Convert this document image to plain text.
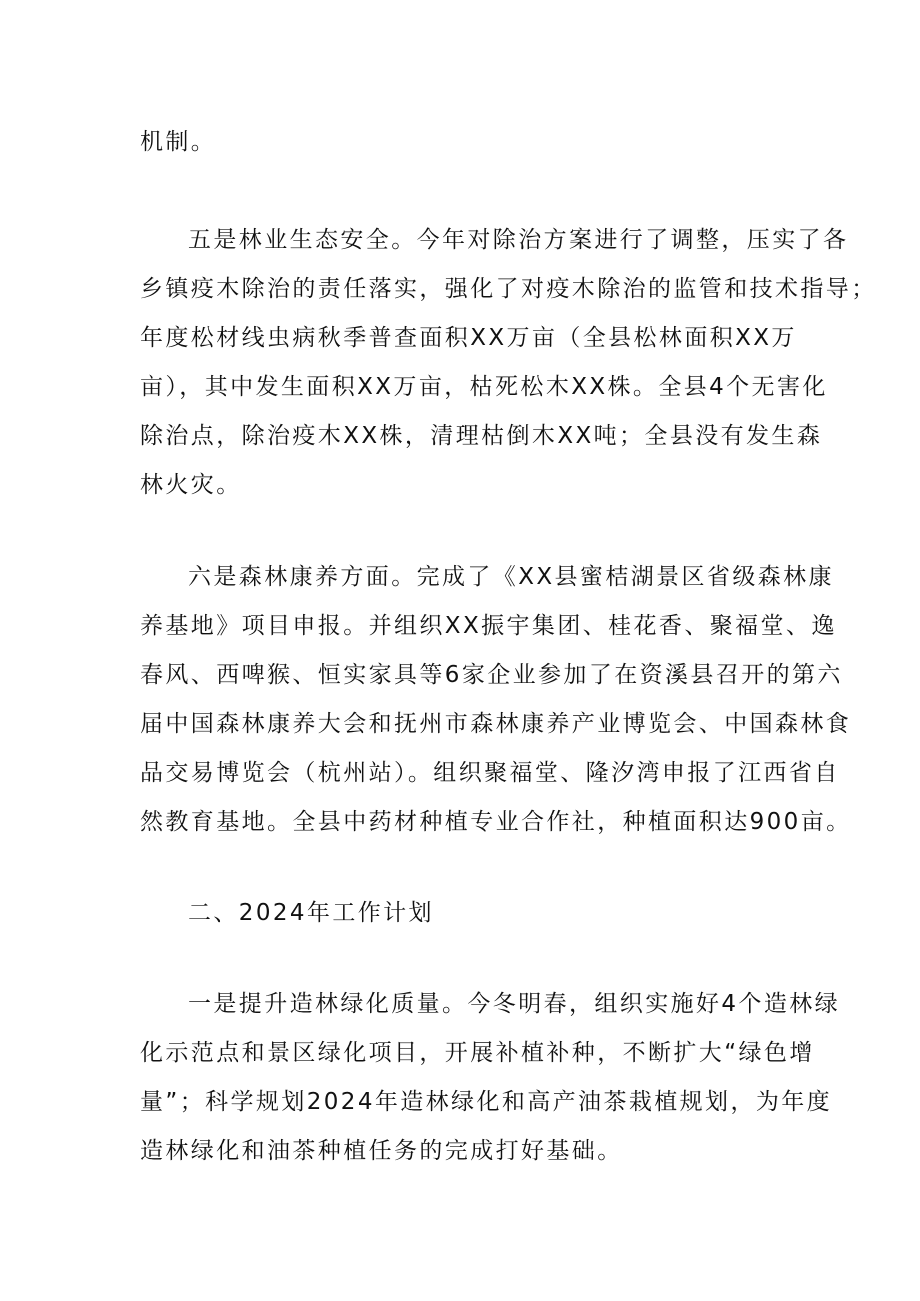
机制。
五是林业生态安全。今年对除治方案进行了调整，压实了各
乡镇疫木除治的责任落实，强化了对疫木除治的监管和技术指导；
年度松材线虫病秋季普查面积XX万亩（全县松林面积XX万
亩），其中发生面积XX万亩，枯死松木XX株。全县4个无害化
除治点，除治疫木XX株，清理枯倒木XX吨；全县没有发生森
林火灾。
六是森林康养方面。完成了《XX县蜜桔湖景区省级森林康
养基地》项目申报。并组织XX振宇集团、桂花香、聚福堂、逸
春风、西啤猴、恒实家具等6家企业参加了在资溪县召开的第六
届中国森林康养大会和抚州市森林康养产业博览会、中国森林食
品交易博览会（杭州站）。组织聚福堂、隆汐湾申报了江西省自
然教育基地。全县中药材种植专业合作社，种植面积达900亩。
二、2024年工作计划
一是提升造林绿化质量。今冬明春，组织实施好4个造林绿
化示范点和景区绿化项目，开展补植补种，不断扩大“绿色增
量”；科学规划2024年造林绿化和高产油茶栽植规划，为年度
造林绿化和油茶种植任务的完成打好基础。
